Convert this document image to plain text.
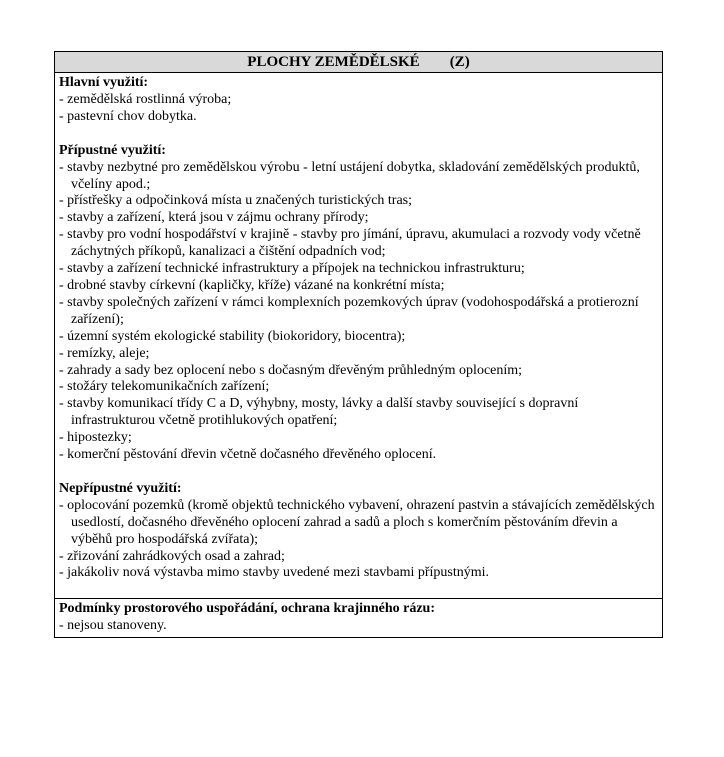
PLOCHY ZEMĚDĚLSKÉ (Z)
Hlavní využití:
- zemědělská rostlinná výroba;
- pastevní chov dobytka.
Přípustné využití:
- stavby nezbytné pro zemědělskou výrobu - letní ustájení dobytka, skladování zemědělských produktů, včelíny apod.;
- přístřešky a odpočinková místa u značených turistických tras;
- stavby a zařízení, která jsou v zájmu ochrany přírody;
- stavby pro vodní hospodářství v krajině - stavby pro jímání, úpravu, akumulaci a rozvody vody včetně záchytných příkopů, kanalizaci a čištění odpadních vod;
- stavby a zařízení technické infrastruktury a přípojek na technickou infrastrukturu;
- drobné stavby církevní (kapličky, kříže) vázané na konkrétní místa;
- stavby společných zařízení v rámci komplexních pozemkových úprav (vodohospodářská a protierozní zařízení);
- územní systém ekologické stability (biokoridory, biocentra);
- remízky, aleje;
- zahrady a sady bez oplocení nebo s dočasným dřevěným průhledným oplocením;
- stožáry telekomunikačních zařízení;
- stavby komunikací třídy C a D, výhybny, mosty, lávky a další stavby související s dopravní infrastrukturou včetně protihlukových opatření;
- hipostezky;
- komerční pěstování dřevin včetně dočasného dřevěného oplocení.
Nepřípustné využití:
- oplocování pozemků (kromě objektů technického vybavení, ohrazení pastvin a stávajících zemědělských usedlostí, dočasného dřevěného oplocení zahrad a sadů a ploch s komerčním pěstováním dřevin a výběhů pro hospodářská zvířata);
- zřizování zahrádkových osad a zahrad;
- jakákoliv nová výstavba mimo stavby uvedené mezi stavbami přípustnými.
Podmínky prostorového uspořádání, ochrana krajinného rázu:
- nejsou stanoveny.
